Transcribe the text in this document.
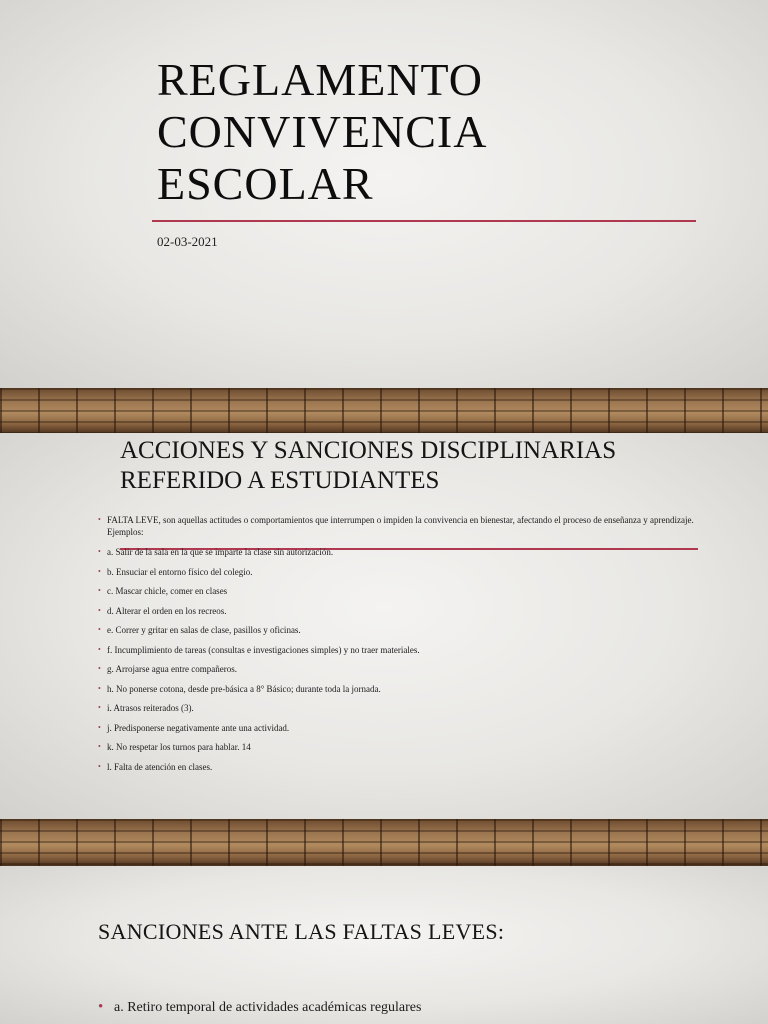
REGLAMENTO
CONVIVENCIA
ESCOLAR
02-03-2021
ACCIONES Y SANCIONES DISCIPLINARIAS
REFERIDO A ESTUDIANTES
• FALTA LEVE, son aquellas actitudes o comportamientos que interrumpen o impiden la convivencia en bienestar, afectando el proceso de enseñanza y aprendizaje. Ejemplos:
• a. Salir de la sala en la que se imparte la clase sin autorización.
• b. Ensuciar el entorno físico del colegio.
• c. Mascar chicle, comer en clases
• d. Alterar el orden en los recreos.
• e. Correr y gritar en salas de clase, pasillos y oficinas.
• f. Incumplimiento de tareas (consultas e investigaciones simples) y no traer materiales.
• g. Arrojarse agua entre compañeros.
• h. No ponerse cotona, desde pre-básica a 8° Básico; durante toda la jornada.
• i. Atrasos reiterados (3).
• j. Predisponerse negativamente ante una actividad.
• k. No respetar los turnos para hablar. 14
• l. Falta de atención en clases.
SANCIONES ANTE LAS FALTAS LEVES:
• a. Retiro temporal de actividades académicas regulares
